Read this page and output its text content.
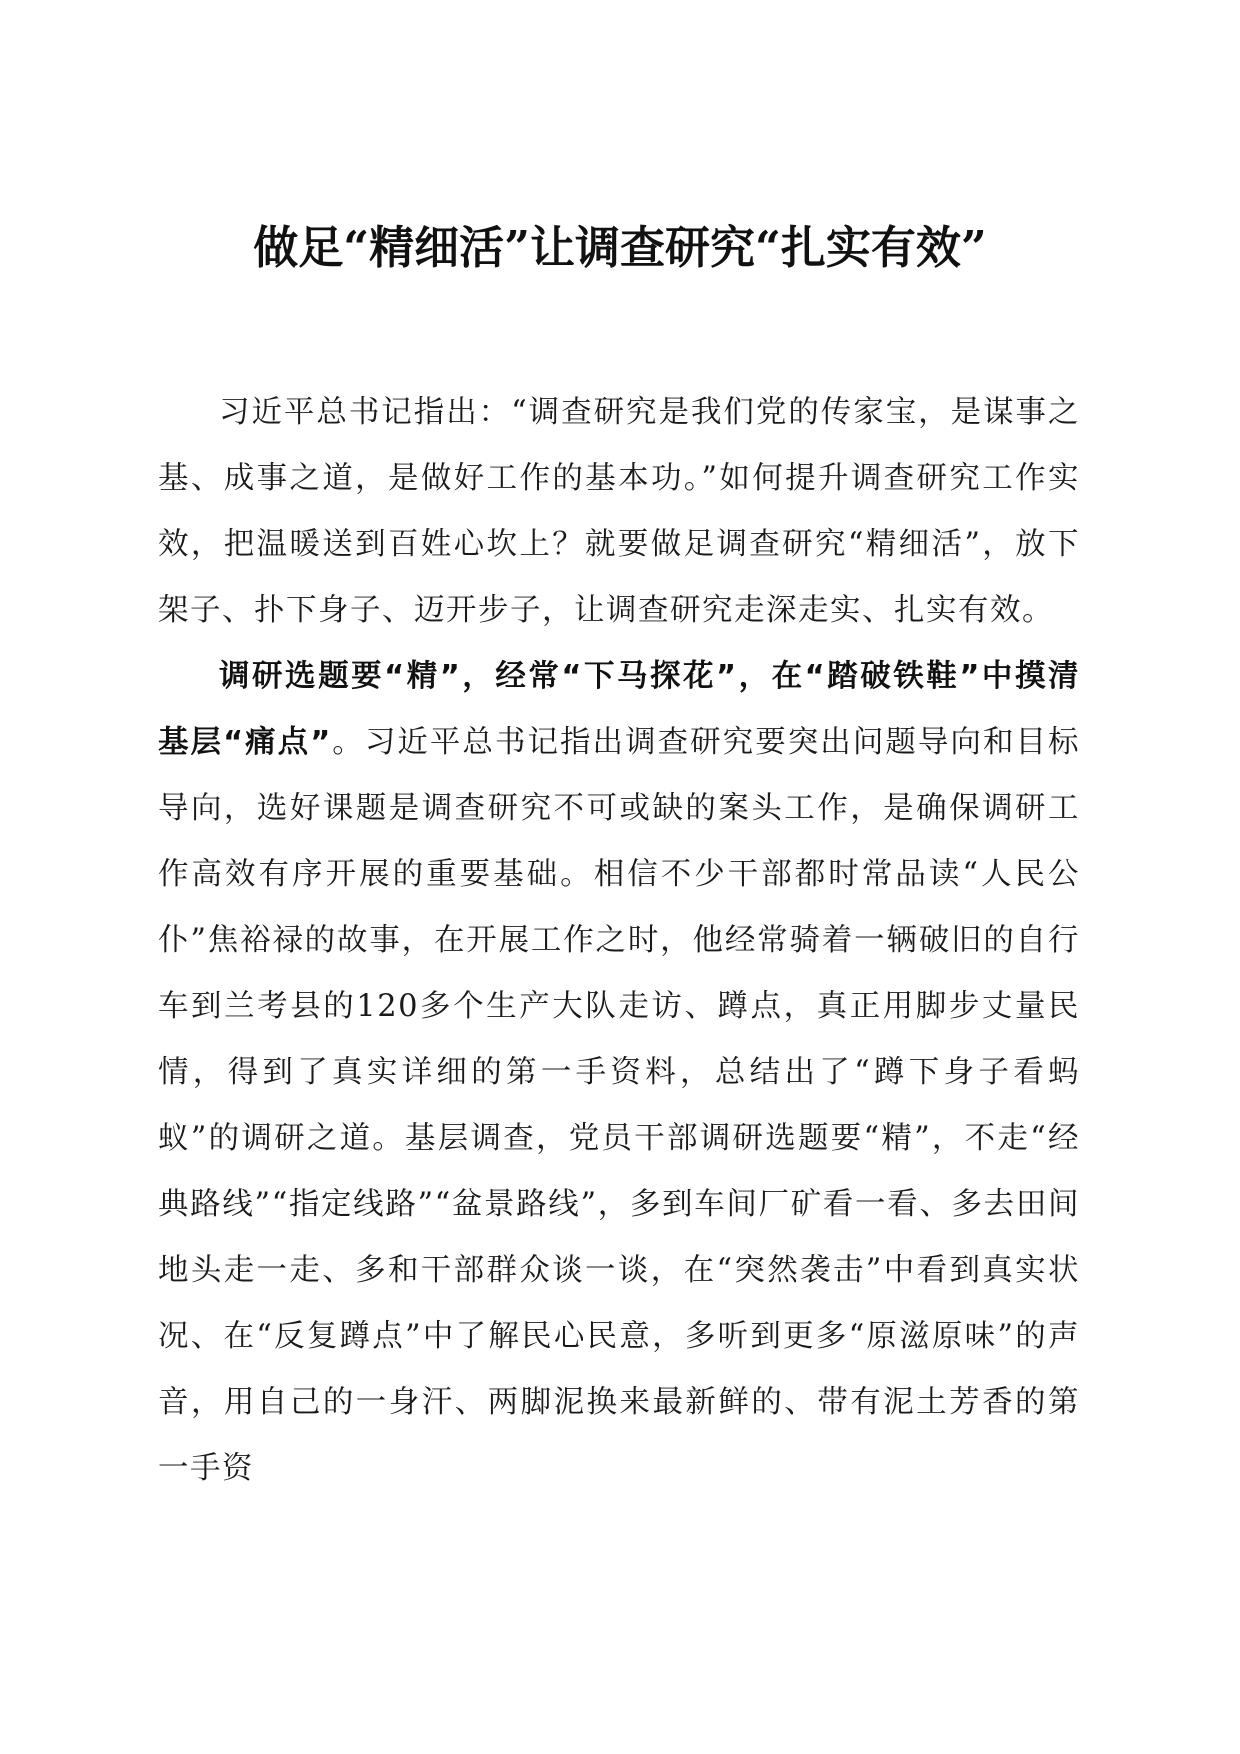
做足“精细活”让调查研究“扎实有效”

习近平总书记指出：“调查研究是我们党的传家宝，是谋事之基、成事之道，是做好工作的基本功。”如何提升调查研究工作实效，把温暖送到百姓心坎上？就要做足调查研究“精细活”，放下架子、扑下身子、迈开步子，让调查研究走深走实、扎实有效。

调研选题要“精”，经常“下马探花”，在“踏破铁鞋”中摸清基层“痛点”。习近平总书记指出调查研究要突出问题导向和目标导向，选好课题是调查研究不可或缺的案头工作，是确保调研工作高效有序开展的重要基础。相信不少干部都时常品读“人民公仆”焦裕禄的故事，在开展工作之时，他经常骑着一辆破旧的自行车到兰考县的120多个生产大队走访、蹲点，真正用脚步丈量民情，得到了真实详细的第一手资料，总结出了“蹲下身子看蚂蚁”的调研之道。基层调查，党员干部调研选题要“精”，不走“经典路线”“指定线路”“盆景路线”，多到车间厂矿看一看、多去田间地头走一走、多和干部群众谈一谈，在“突然袭击”中看到真实状况、在“反复蹲点”中了解民心民意，多听到更多“原滋原味”的声音，用自己的一身汗、两脚泥换来最新鲜的、带有泥土芳香的第一手资
